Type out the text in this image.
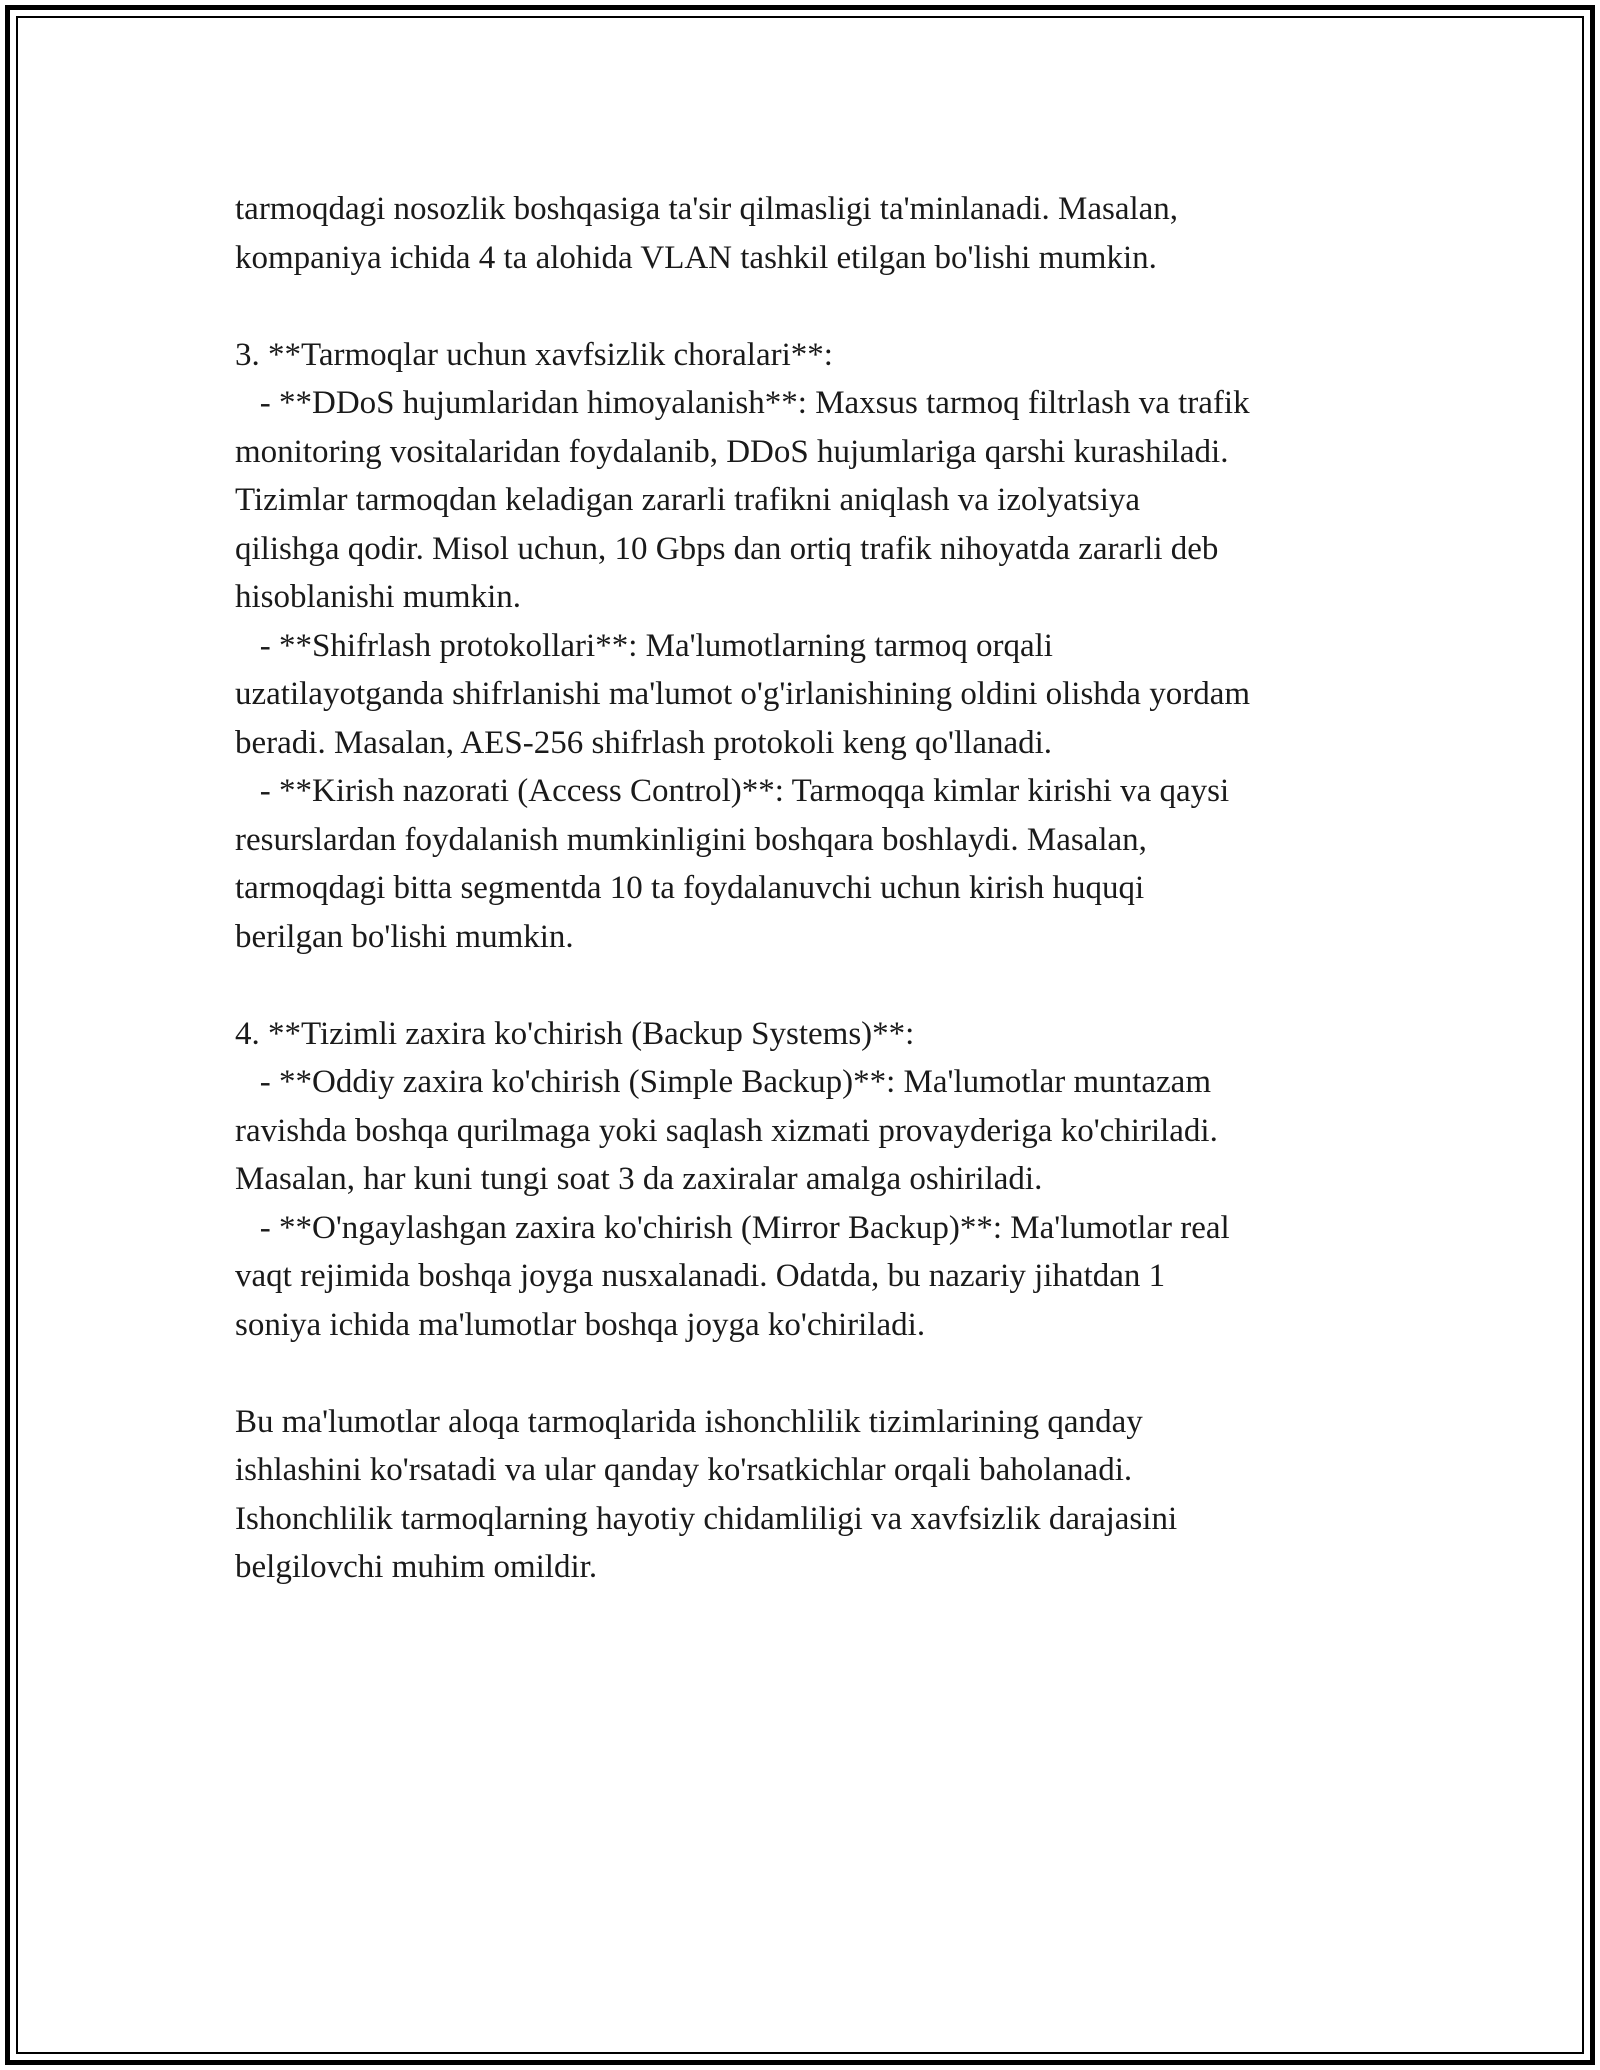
tarmoqdagi nosozlik boshqasiga ta'sir qilmasligi ta'minlanadi. Masalan,
kompaniya ichida 4 ta alohida VLAN tashkil etilgan bo'lishi mumkin.
3. **Tarmoqlar uchun xavfsizlik choralari**:
- **DDoS hujumlaridan himoyalanish**: Maxsus tarmoq filtrlash va trafik
monitoring vositalaridan foydalanib, DDoS hujumlariga qarshi kurashiladi.
Tizimlar tarmoqdan keladigan zararli trafikni aniqlash va izolyatsiya
qilishga qodir. Misol uchun, 10 Gbps dan ortiq trafik nihoyatda zararli deb
hisoblanishi mumkin.
- **Shifrlash protokollari**: Ma'lumotlarning tarmoq orqali
uzatilayotganda shifrlanishi ma'lumot o'g'irlanishining oldini olishda yordam
beradi. Masalan, AES-256 shifrlash protokoli keng qo'llanadi.
- **Kirish nazorati (Access Control)**: Tarmoqqa kimlar kirishi va qaysi
resurslardan foydalanish mumkinligini boshqara boshlaydi. Masalan,
tarmoqdagi bitta segmentda 10 ta foydalanuvchi uchun kirish huquqi
berilgan bo'lishi mumkin.
4. **Tizimli zaxira ko'chirish (Backup Systems)**:
- **Oddiy zaxira ko'chirish (Simple Backup)**: Ma'lumotlar muntazam
ravishda boshqa qurilmaga yoki saqlash xizmati provayderiga ko'chiriladi.
Masalan, har kuni tungi soat 3 da zaxiralar amalga oshiriladi.
- **O'ngaylashgan zaxira ko'chirish (Mirror Backup)**: Ma'lumotlar real
vaqt rejimida boshqa joyga nusxalanadi. Odatda, bu nazariy jihatdan 1
soniya ichida ma'lumotlar boshqa joyga ko'chiriladi.
Bu ma'lumotlar aloqa tarmoqlarida ishonchlilik tizimlarining qanday
ishlashini ko'rsatadi va ular qanday ko'rsatkichlar orqali baholanadi.
Ishonchlilik tarmoqlarning hayotiy chidamliligi va xavfsizlik darajasini
belgilovchi muhim omildir.
